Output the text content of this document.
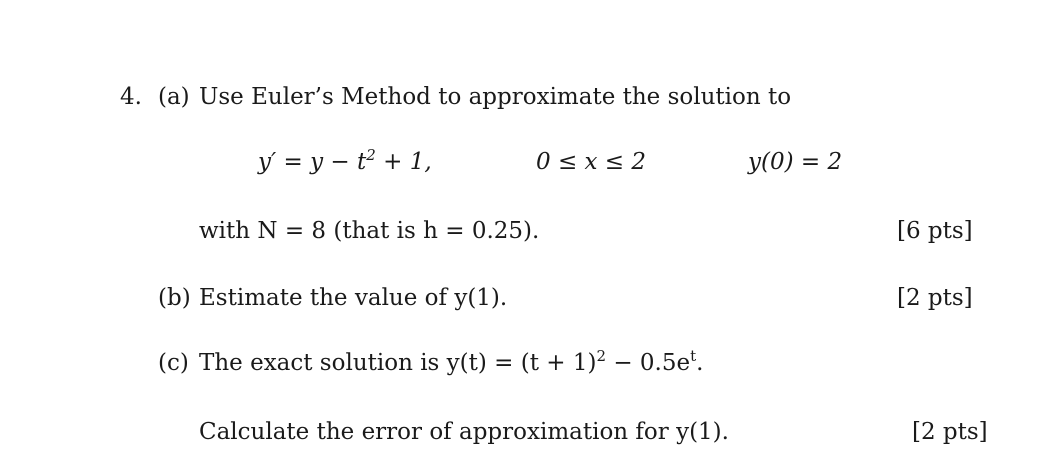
4. (a) Use Euler’s Method to approximate the solution to
$y' = y - t^2 + 1$,	0 ≤ x ≤ 2	y(0) = 2
with N = 8 (that is h = 0.25).	[6 pts]
(b) Estimate the value of y(1).	[2 pts]
(c) The exact solution is $y(t) = (t + 1)^2 - 0.5e^t$.
Calculate the error of approximation for y(1).	[2 pts]
